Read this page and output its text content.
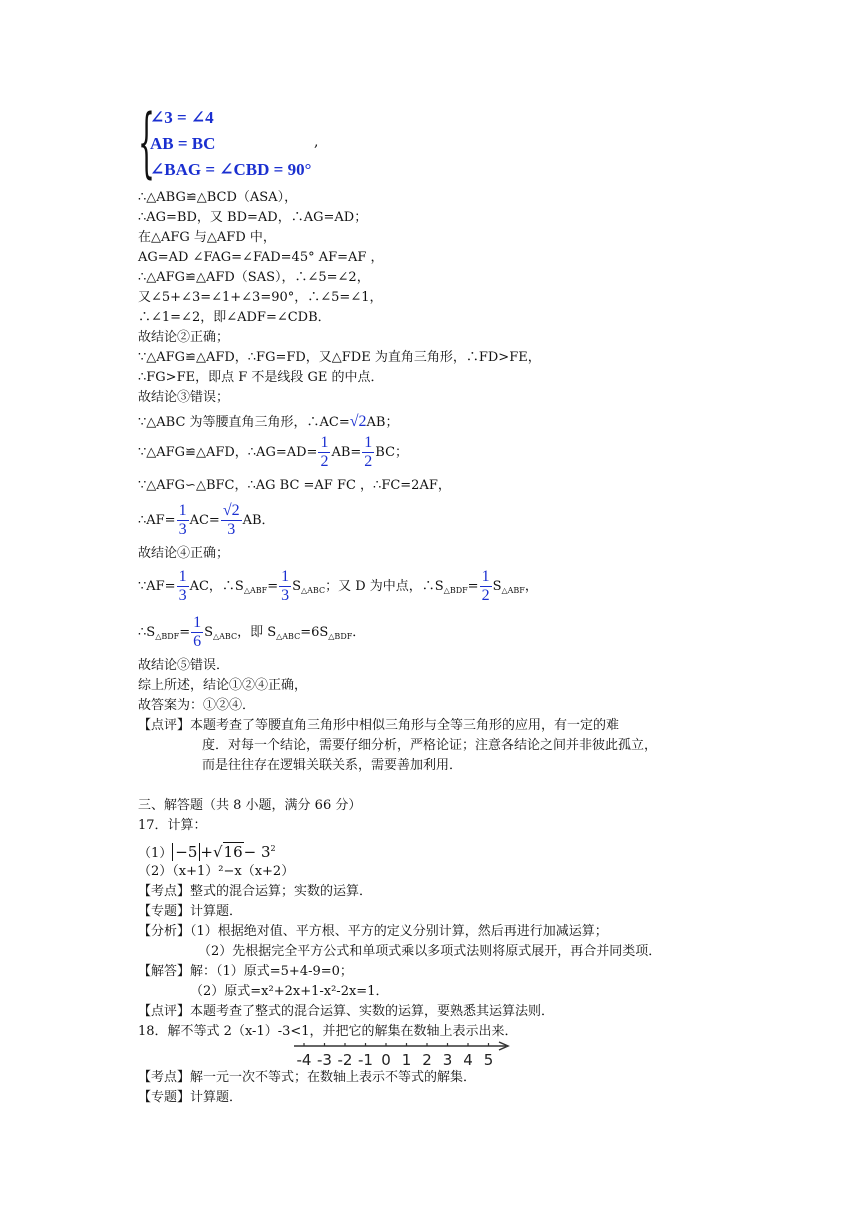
{
∠3 = ∠4
AB = BC
∠BAG = ∠CBD = 90°
,
∴△ABG≌△BCD（ASA），
∴AG=BD，又 BD=AD，∴AG=AD；
在△AFG 与△AFD 中，
AG=AD ∠FAG=∠FAD=45° AF=AF ，
∴△AFG≌△AFD（SAS），∴∠5=∠2，
又∠5+∠3=∠1+∠3=90°，∴∠5=∠1，
∴∠1=∠2，即∠ADF=∠CDB．
故结论②正确；
∵△AFG≌△AFD，∴FG=FD，又△FDE 为直角三角形，∴FD>FE，
∴FG>FE，即点 F 不是线段 GE 的中点．
故结论③错误；
∵△ABC 为等腰直角三角形，∴AC=√2AB；
∵△AFG≌△AFD，∴AG=AD= $\frac{1}{2} AB= \frac{1}{2}$ BC；
∵△AFG∽△BFC，∴AG BC =AF FC ，∴FC=2AF，
∴AF= $\frac{1}{3} AC= \frac{√2}{3}$ AB．
故结论④正确；
∵AF= $\frac{1}{3}$ AC，$\therefore S_{\triangle ABF}= \frac{1}{3} S_{\triangle ABC}$；又 D 为中点，$\therefore S_{\triangle BDF}= \frac{1}{2} S_{\triangle ABF}$，
$\therefore S_{\triangle BDF}= \frac{1}{6} S_{\triangle ABC}$，即 $S_{\triangle ABC}=6S_{\triangle BDF}$．
故结论⑤错误．
综上所述，结论①②④正确，
故答案为：①②④．
【点评】本题考查了等腰直角三角形中相似三角形与全等三角形的应用，有一定的难
度．对每一个结论，需要仔细分析，严格论证；注意各结论之间并非彼此孤立，
而是往往存在逻辑关联关系，需要善加利用．
三、解答题（共 8 小题，满分 66 分）
17．计算：
$(1) -5 +√16- 3^2$
（2）（x+1）²−x（x+2）
【考点】整式的混合运算；实数的运算．
【专题】计算题．
【分析】（1）根据绝对值、平方根、平方的定义分别计算，然后再进行加减运算；
（2）先根据完全平方公式和单项式乘以多项式法则将原式展开，再合并同类项．
【解答】解：（1）原式=5+4-9=0；
（2）原式=x²+2x+1-x²-2x=1．
【点评】本题考查了整式的混合运算、实数的运算，要熟悉其运算法则．
18．解不等式 2（x-1）-3<1，并把它的解集在数轴上表示出来．
-4 -3 -2 -1 0 1 2 3 4 5
【考点】解一元一次不等式；在数轴上表示不等式的解集．
【专题】计算题．
